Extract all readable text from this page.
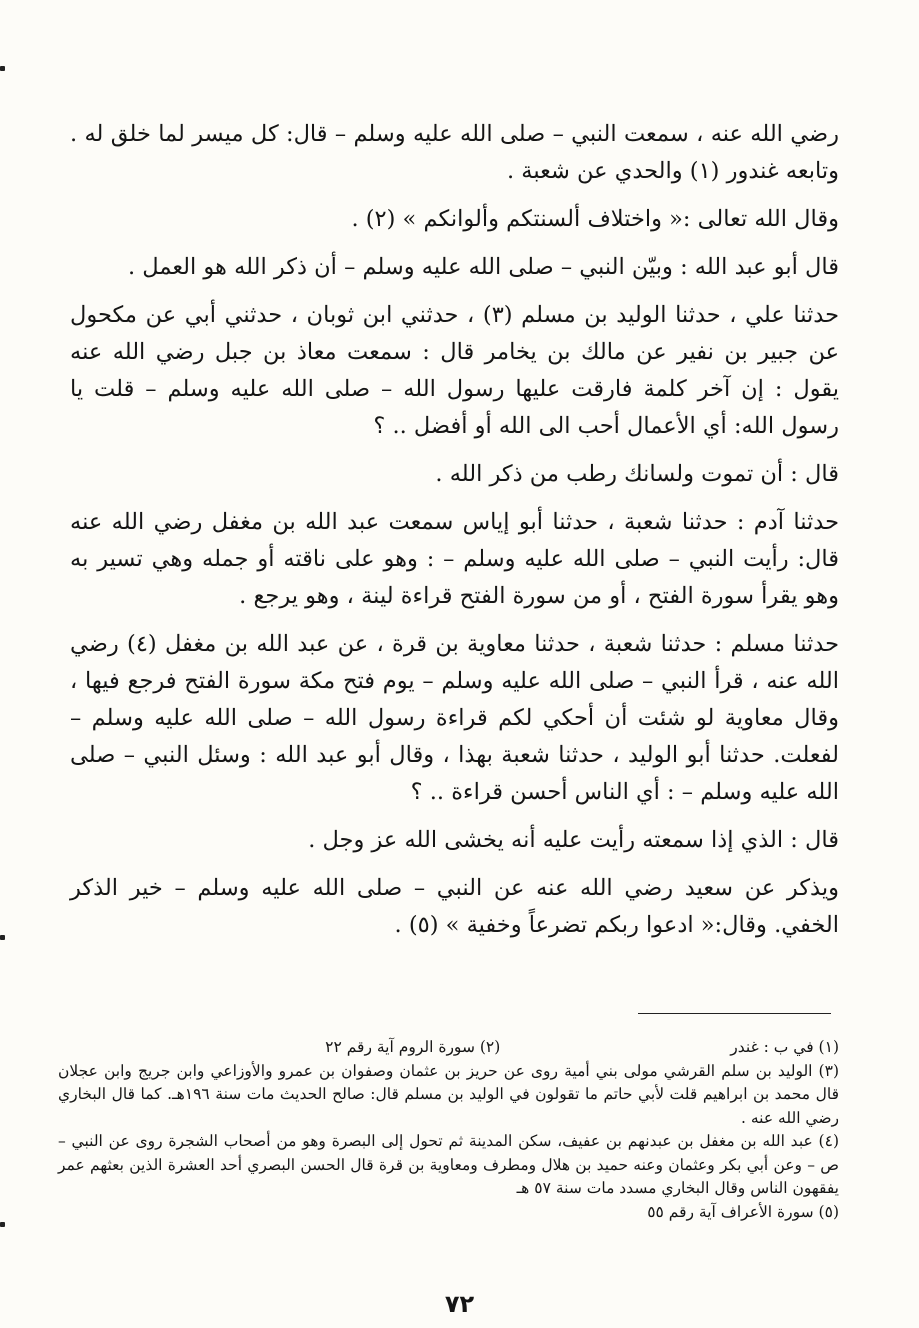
رضي الله عنه ، سمعت النبي – صلى الله عليه وسلم – قال: كل ميسر لما خلق له . وتابعه غندور (١) والحدي عن شعبة .

وقال الله تعالى :« واختلاف ألسنتكم وألوانكم » (٢) .

قال أبو عبد الله : وبيّن النبي – صلى الله عليه وسلم – أن ذكر الله هو العمل .

حدثنا علي ، حدثنا الوليد بن مسلم (٣) ، حدثني ابن ثوبان ، حدثني أبي عن مكحول عن جبير بن نفير عن مالك بن يخامر قال : سمعت معاذ بن جبل رضي الله عنه يقول : إن آخر كلمة فارقت عليها رسول الله – صلى الله عليه وسلم – قلت يا رسول الله: أي الأعمال أحب الى الله أو أفضل .. ؟

قال : أن تموت ولسانك رطب من ذكر الله .

حدثنا آدم : حدثنا شعبة ، حدثنا أبو إياس سمعت عبد الله بن مغفل رضي الله عنه قال: رأيت النبي – صلى الله عليه وسلم – : وهو على ناقته أو جمله وهي تسير به وهو يقرأ سورة الفتح ، أو من سورة الفتح قراءة لينة ، وهو يرجع .

حدثنا مسلم : حدثنا شعبة ، حدثنا معاوية بن قرة ، عن عبد الله بن مغفل (٤) رضي الله عنه ، قرأ النبي – صلى الله عليه وسلم – يوم فتح مكة سورة الفتح فرجع فيها ، وقال معاوية لو شئت أن أحكي لكم قراءة رسول الله – صلى الله عليه وسلم – لفعلت. حدثنا أبو الوليد ، حدثنا شعبة بهذا ، وقال أبو عبد الله : وسئل النبي – صلى الله عليه وسلم – : أي الناس أحسن قراءة .. ؟

قال : الذي إذا سمعته رأيت عليه أنه يخشى الله عز وجل .

ويذكر عن سعيد رضي الله عنه عن النبي – صلى الله عليه وسلم – خير الذكر الخفي. وقال:« ادعوا ربكم تضرعاً وخفية » (٥) .

(١) في ب : غندر
(٢) سورة الروم آية رقم ٢٢

(٣) الوليد بن سلم القرشي مولى بني أمية روى عن حريز بن عثمان وصفوان بن عمرو والأوزاعي وابن جريج وابن عجلان قال محمد بن ابراهيم قلت لأبي حاتم ما تقولون في الوليد بن مسلم قال: صالح الحديث مات سنة ١٩٦هـ. كما قال البخاري رضي الله عنه .

(٤) عبد الله بن مغفل بن عبدنهم بن عفيف، سكن المدينة ثم تحول إلى البصرة وهو من أصحاب الشجرة روى عن النبي – ص – وعن أبي بكر وعثمان وعنه حميد بن هلال ومطرف ومعاوية بن قرة قال الحسن البصري أحد العشرة الذين بعثهم عمر يفقهون الناس وقال البخاري مسدد مات سنة ٥٧ هـ

(٥) سورة الأعراف آية رقم ٥٥

٧٢
